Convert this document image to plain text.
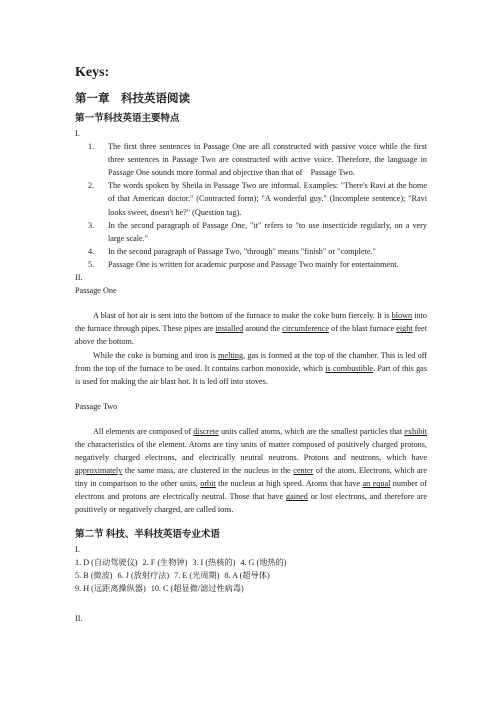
Keys:
第一章　科技英语阅读
第一节科技英语主要特点

I.

1. The first three sentences in Passage One are all constructed with passive voice while the first three sentences in Passage Two are constructed with active voice. Therefore, the language in Passage One sounds more formal and objective than that of　Passage Two.
2. The words spoken by Sheila in Passage Two are informal. Examples: "There's Ravi at the home of that American doctor." (Contracted form); "A wonderful guy." (Incomplete sentence); "Ravi looks sweet, doesn't he?" (Question tag).
3. In the second paragraph of Passage One, "it" refers to "to use insecticide regularly, on a very large scale."
4. In the second paragraph of Passage Two, "through" means "finish" or "complete."
5. Passage One is written for academic purpose and Passage Two mainly for entertainment.

II.

Passage One

A blast of hot air is sent into the bottom of the furnace to make the coke burn fiercely. It is blown into the furnace through pipes. These pipes are installed around the circumference of the blast furnace eight feet above the bottom.

While the coke is burning and iron is melting, gas is formed at the top of the chamber. This is led off from the top of the furnace to be used. It contains carbon monoxide, which is combustible. Part of this gas is used for making the air blast hot. It is led off into stoves.

Passage Two

All elements are composed of discrete units called atoms, which are the smallest particles that exhibit the characteristics of the element. Atoms are tiny units of matter composed of positively charged protons, negatively charged electrons, and electrically neutral neutrons. Protons and neutrons, which have approximately the same mass, are clustered in the nucleus in the center of the atom. Electrons, which are tiny in comparison to the other units, orbit the nucleus at high speed. Atoms that have an equal number of electrons and protons are electrically neutral. Those that have gained or lost electrons, and therefore are positively or negatively charged, are called ions.

第二节 科技、半科技英语专业术语

I.

1. D (自动驾驶仪) 2. F (生物钟) 3. I (热核的) 4. G (地热的)

5. B (微波) 6. J (放射疗法) 7. E (光周期) 8. A (超导体)

9. H (远距离操纵器) 10. C (超显微/滤过性病毒)

II.
